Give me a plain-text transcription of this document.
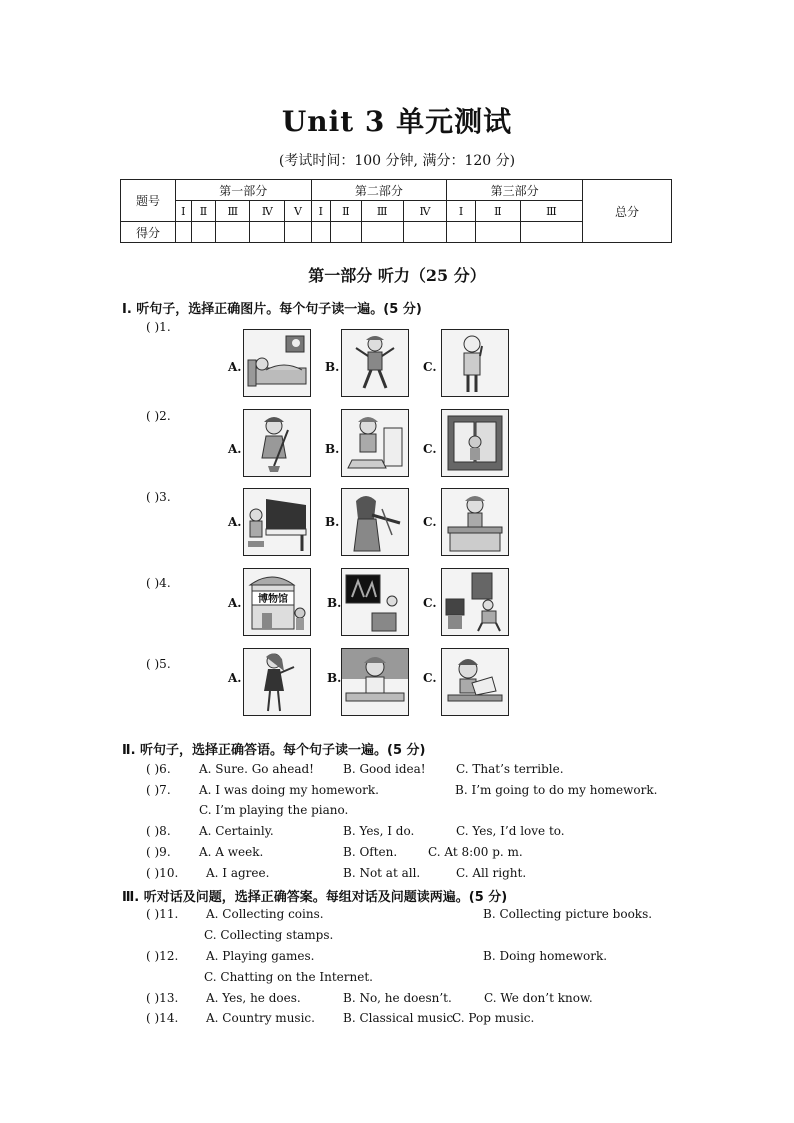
Unit 3 单元测试
(考试时间：100 分钟, 满分：120 分)
题号	第一部分					第二部分				第三部分			总分
	Ⅰ	Ⅱ	Ⅲ	Ⅳ	Ⅴ	Ⅰ	Ⅱ	Ⅲ	Ⅳ	Ⅰ	Ⅱ	Ⅲ	
得分													
第一部分 听力（25 分）
Ⅰ. 听句子，选择正确图片。每个句子读一遍。(5 分)
( )1.
A.	B.	C.
( )2.
A.	B.	C.
( )3.
A.	B.	C.
( )4.
A. 博物馆	B.	C.
( )5.
A.	B.	C.
Ⅱ. 听句子，选择正确答语。每个句子读一遍。(5 分)
( )6. A. Sure. Go ahead! B. Good idea!	C. That’s terrible.
( )7. A. I was doing my homework.	B. I’m going to do my homework.
C. I’m playing the piano.
( )8. A. Certainly.	B. Yes, I do.	C. Yes, I’d love to.
( )9. A. A week.	B. Often.	C. At 8:00 p. m.
( )10. A. I agree.	B. Not at all.	C. All right.
Ⅲ. 听对话及问题，选择正确答案。每组对话及问题读两遍。(5 分)
( )11. A. Collecting coins.	B. Collecting picture books.
C. Collecting stamps.
( )12. A. Playing games.	B. Doing homework.
C. Chatting on the Internet.
( )13. A. Yes, he does.	B. No, he doesn’t.	C. We don’t know.
( )14. A. Country music. B. Classical music.
C. Pop music.
